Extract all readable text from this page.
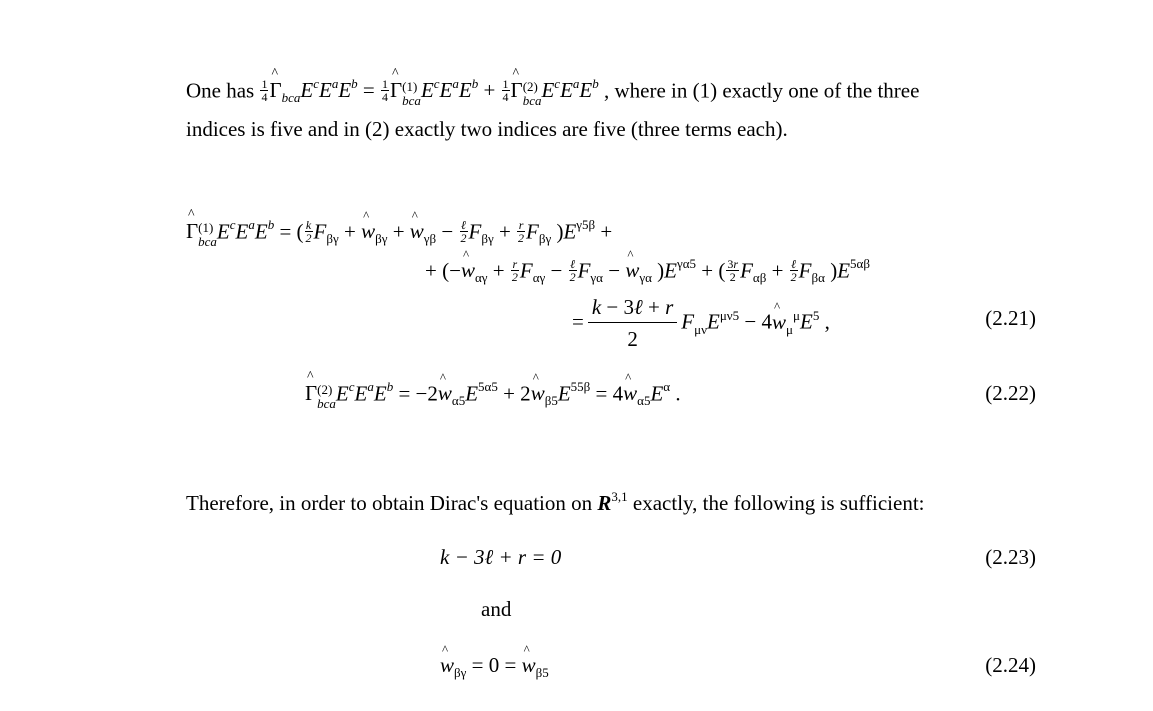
One has $\frac{1}{4}$ ^ $\Gamma_{bca}E^cE^aE^b = \frac{1}{4}$ ^ Γ (1)
bca $E^cE^aE^b + \frac{1}{4}$ ^ Γ (2)
bca $E^cE^aE^b$ , where in (1) exactly one of the three
indices is five and in (2) exactly two indices are five (three terms each).
^ Γ (1)
bca $E^cE^aE^b$ = ( $\frac{k}{2} F_{\beta\gamma}$ + ^ $w_{\beta\gamma}$ + ^ $w_{\gamma\beta} - \frac{\text{ℓ}}{2} F_{\beta\gamma} + \frac{r}{2} F_{\beta\gamma}$ )$E^{\gamma 5\beta}$ +
+ (−^ $w_{\alpha\gamma} + \frac{r}{2} F_{\alpha\gamma} - \frac{\text{ℓ}}{2} F_{\gamma\alpha}$ − ^ $w_{\gamma\alpha}$ )$E^{\gamma\alpha 5}$ + ( $\frac{3r}{2} F_{\alpha\beta} + \frac{\text{ℓ}}{2} F_{\beta\alpha}$ )$E^{5\alpha\beta}$
= $\frac{\text{k − 3ℓ + r}}{2} F_{\mu\nu}E^{\mu\nu 5}$ − 4^ $w_\mu^\mu E^5$ ,	(2.21)
^ Γ (2)
bca $E^cE^aE^b$ = −2^ $w_{\alpha 5}E^{5\alpha 5}$ + 2^ $w_{\beta 5}E^{55\beta}$ = 4^ $w_{\alpha 5}E^\alpha$ .	(2.22)
Therefore, in order to obtain Dirac's equation on R$^{3,1}$ exactly, the following is sufficient:
k − 3ℓ + r = 0	(2.23)
and
^ $w_{\beta\gamma} = 0$ = ^ $w_{\beta 5}$	(2.24)
